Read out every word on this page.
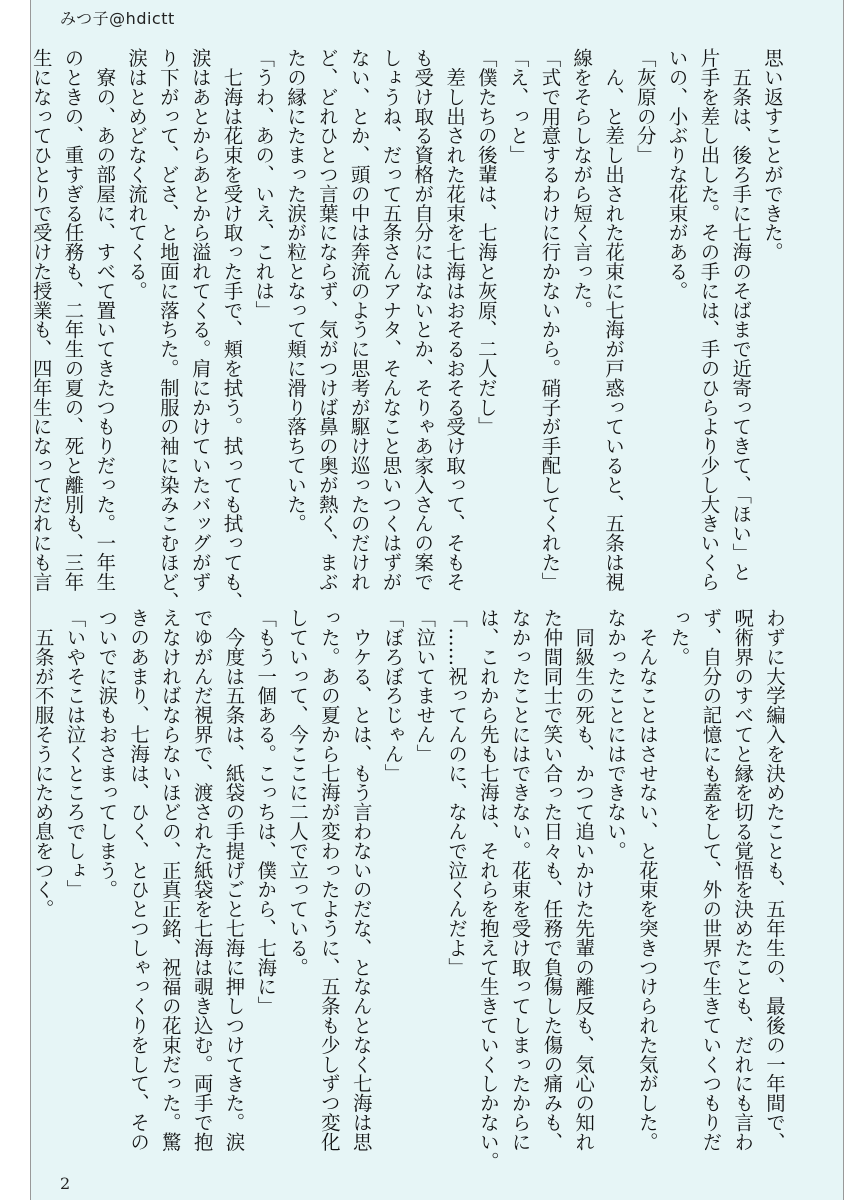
みつ子@hdictt
思い返すことができた。
　五条は、後ろ手に七海のそばまで近寄ってきて、「ほい」と
片手を差し出した。その手には、手のひらより少し大きいくら
いの、小ぶりな花束がある。
「灰原の分」
　ん、と差し出された花束に七海が戸惑っていると、五条は視
線をそらしながら短く言った。
「式で用意するわけに行かないから。硝子が手配してくれた」
「え、っと」
「僕たちの後輩は、七海と灰原、二人だし」
　差し出された花束を七海はおそるおそる受け取って、そもそ
も受け取る資格が自分にはないとか、そりゃあ家入さんの案で
しょうね、だって五条さんアナタ、そんなこと思いつくはずが
ない、とか、頭の中は奔流のように思考が駆け巡ったのだけれ
ど、どれひとつ言葉にならず、気がつけば鼻の奥が熱く、まぶ
たの縁にたまった涙が粒となって頬に滑り落ちていた。
「うわ、あの、いえ、これは」
　七海は花束を受け取った手で、頬を拭う。拭っても拭っても、
涙はあとからあとから溢れてくる。肩にかけていたバッグがず
り下がって、どさ、と地面に落ちた。制服の袖に染みこむほど、
涙はとめどなく流れてくる。
　寮の、あの部屋に、すべて置いてきたつもりだった。一年生
のときの、重すぎる任務も、二年生の夏の、死と離別も、三年
生になってひとりで受けた授業も、四年生になってだれにも言
わずに大学編入を決めたことも、五年生の、最後の一年間で、
呪術界のすべてと縁を切る覚悟を決めたことも、だれにも言わ
ず、自分の記憶にも蓋をして、外の世界で生きていくつもりだ
った。
　そんなことはさせない、と花束を突きつけられた気がした。
なかったことにはできない。
　同級生の死も、かつて追いかけた先輩の離反も、気心の知れ
た仲間同士で笑い合った日々も、任務で負傷した傷の痛みも、
なかったことにはできない。花束を受け取ってしまったからに
は、これから先も七海は、それらを抱えて生きていくしかない。
「……祝ってんのに、なんで泣くんだよ」
「泣いてません」
「ぼろぼろじゃん」
　ウケる、とは、もう言わないのだな、となんとなく七海は思
った。あの夏から七海が変わったように、五条も少しずつ変化
していって、今ここに二人で立っている。
「もう一個ある。こっちは、僕から、七海に」
　今度は五条は、紙袋の手提げごと七海に押しつけてきた。涙
でゆがんだ視界で、渡された紙袋を七海は覗き込む。両手で抱
えなければならないほどの、正真正銘、祝福の花束だった。驚
きのあまり、七海は、ひく、とひとつしゃっくりをして、その
ついでに涙もおさまってしまう。
「いやそこは泣くところでしょ」
　五条が不服そうにため息をつく。
2
